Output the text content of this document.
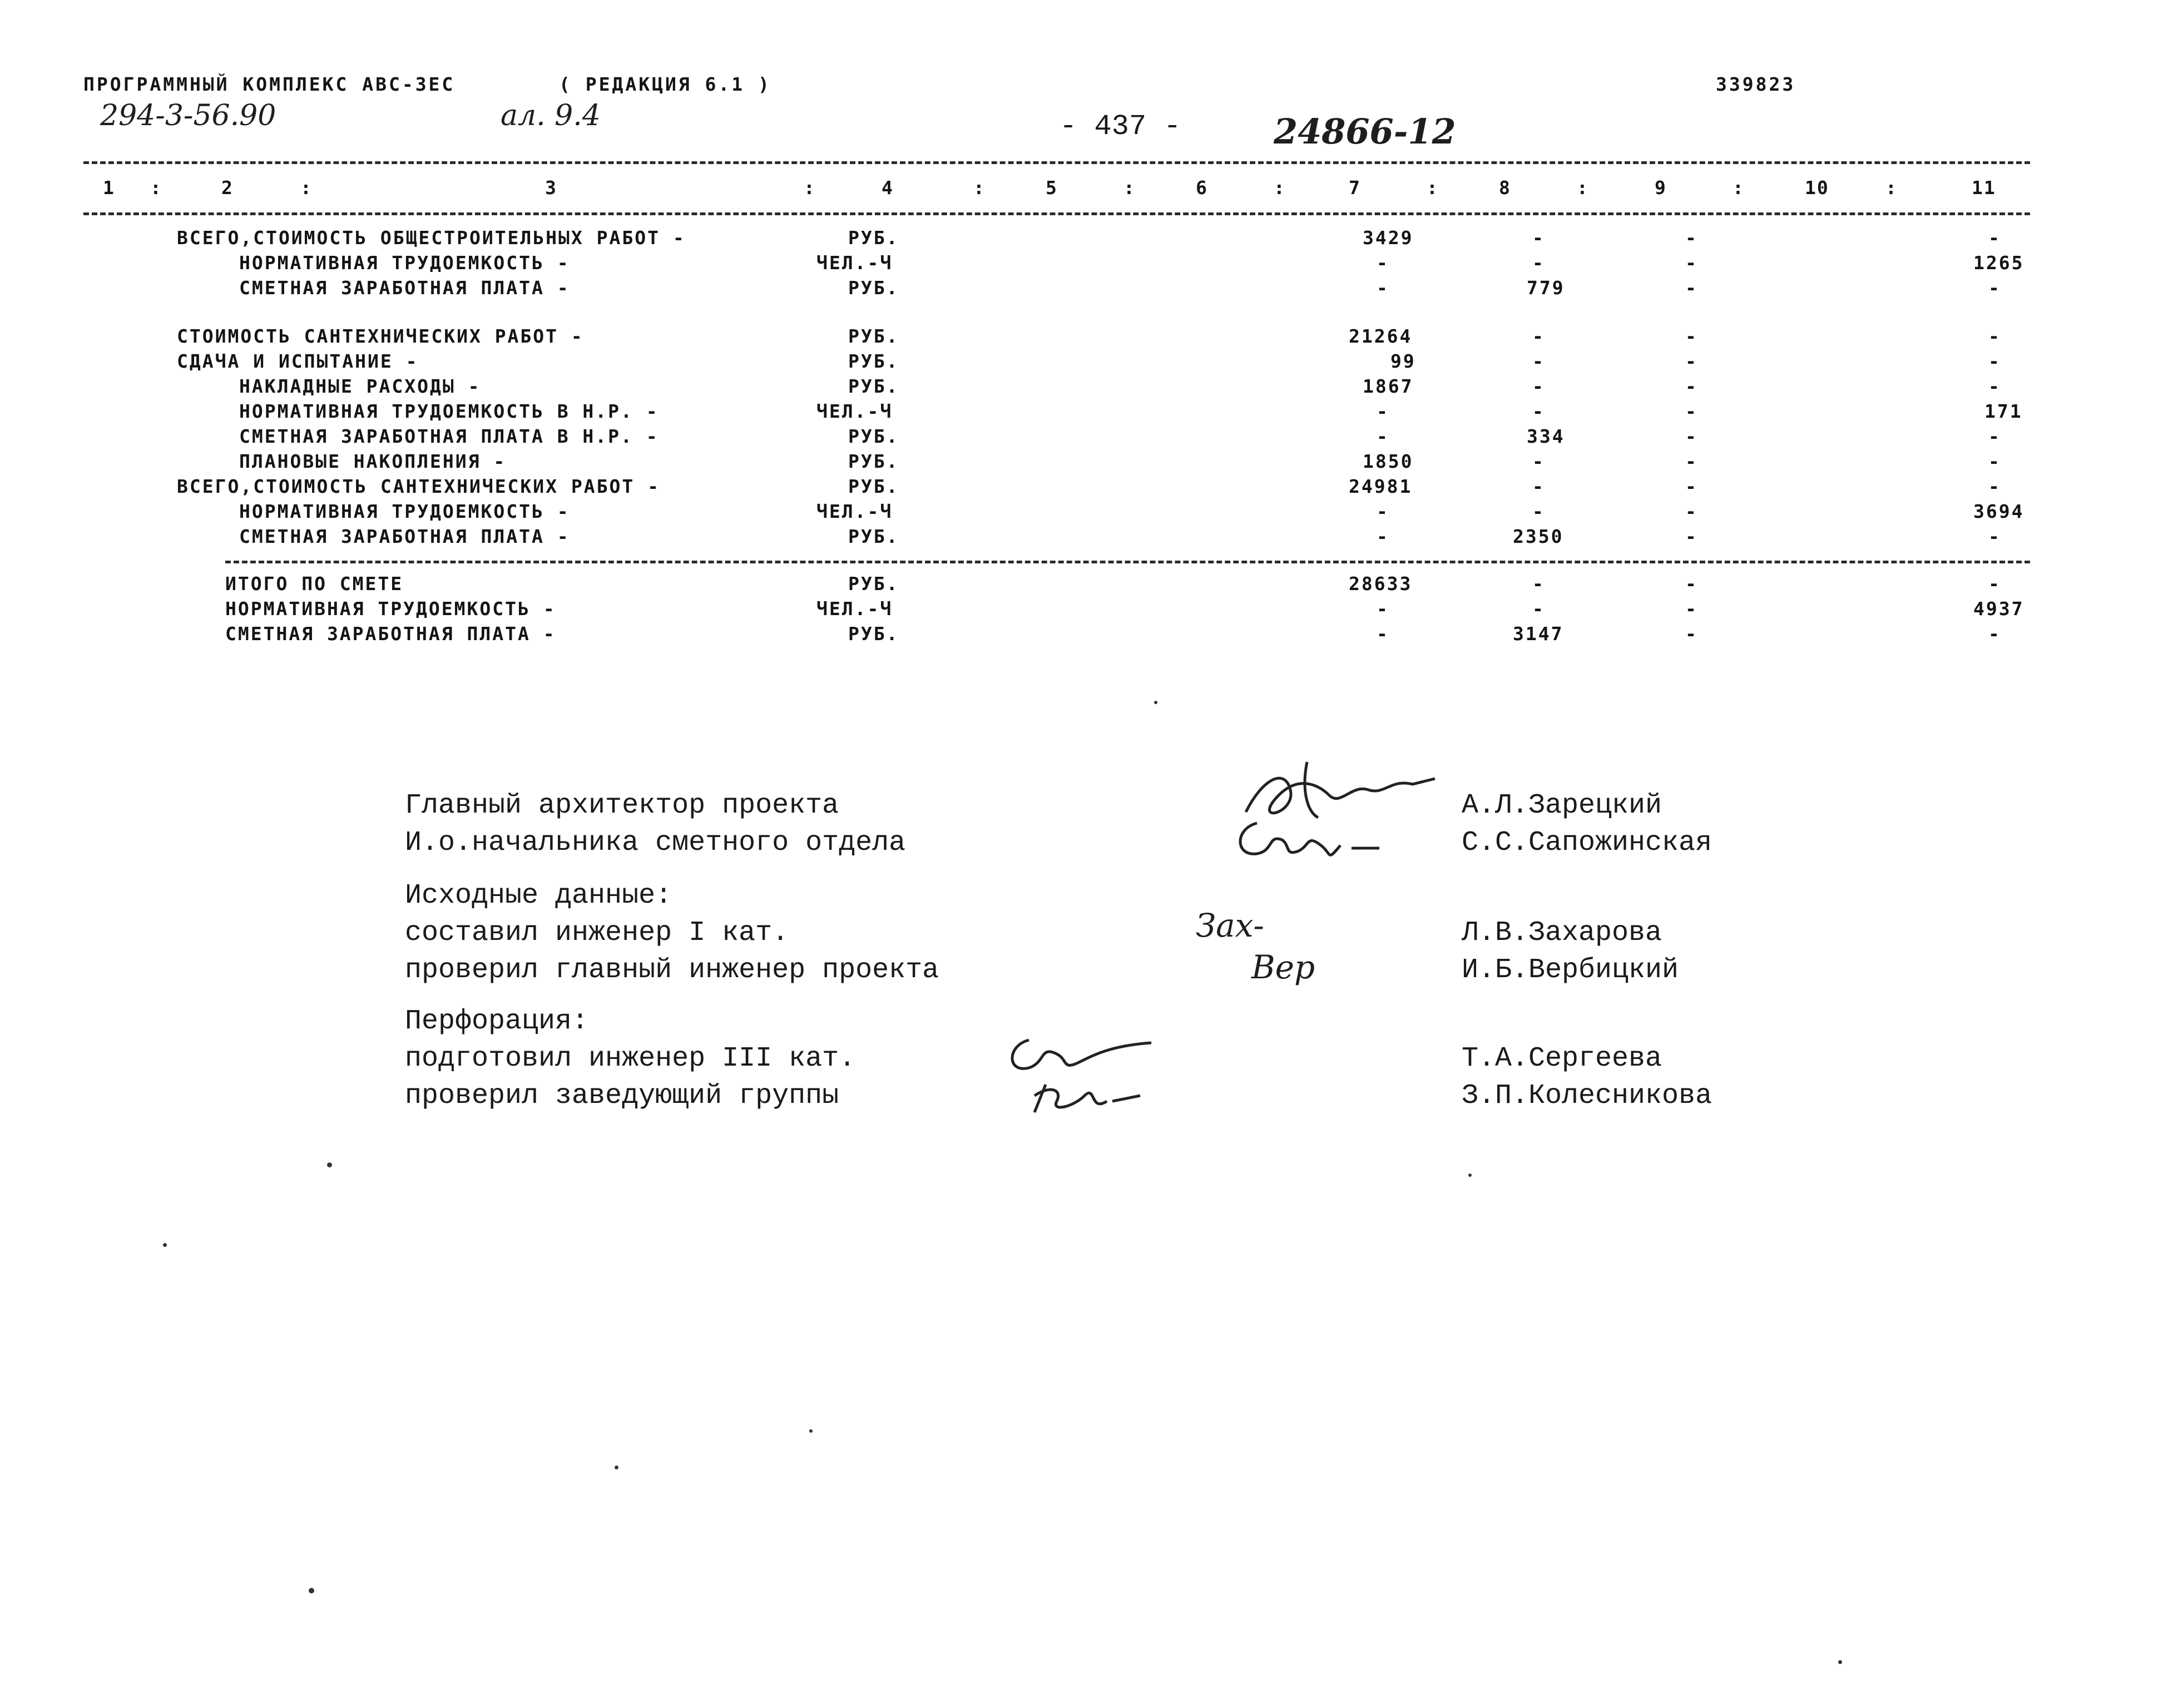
ПРОГРАММНЫЙ КОМПЛЕКС АВС-3ЕС	( РЕДАКЦИЯ 6.1 )
294-3-56.90	ал. 9.4	- 437 -	24866-12
339823
1 :	2	:	3	:	4	:	5	:	6	:	7	:	8	:	9	:	10	:	11
ВСЕГО,СТОИМОСТЬ ОБЩЕСТРОИТЕЛЬНЫХ РАБОТ -	РУБ.	3429	-	-	-
НОРМАТИВНАЯ ТРУДОЕМКОСТЬ -	ЧЕЛ.-Ч	-	-	-	1265
СМЕТНАЯ ЗАРАБОТНАЯ ПЛАТА -	РУБ.	-	779	-	-
СТОИМОСТЬ САНТЕХНИЧЕСКИХ РАБОТ -	РУБ.	21264	-	-	-
СДАЧА И ИСПЫТАНИЕ -	РУБ.	99	-	-	-
НАКЛАДНЫЕ РАСХОДЫ -	РУБ.	1867	-	-	-
НОРМАТИВНАЯ ТРУДОЕМКОСТЬ В Н.Р. -	ЧЕЛ.-Ч	-	-	-	171
СМЕТНАЯ ЗАРАБОТНАЯ ПЛАТА В Н.Р. -	РУБ.	-	334	-	-
ПЛАНОВЫЕ НАКОПЛЕНИЯ -	РУБ.	1850	-	-	-
ВСЕГО,СТОИМОСТЬ САНТЕХНИЧЕСКИХ РАБОТ -	РУБ.	24981	-	-	-
НОРМАТИВНАЯ ТРУДОЕМКОСТЬ -	ЧЕЛ.-Ч	-	-	-	3694
СМЕТНАЯ ЗАРАБОТНАЯ ПЛАТА -	РУБ.	-	2350	-	-
ИТОГО ПО СМЕТЕ	РУБ.	28633	-	-	-
НОРМАТИВНАЯ ТРУДОЕМКОСТЬ -	ЧЕЛ.-Ч	-	-	-	4937
СМЕТНАЯ ЗАРАБОТНАЯ ПЛАТА -	РУБ.	-	3147	-	-
Главный архитектор проекта
И.о.начальника сметного отдела
Исходные данные:
составил инженер I кат.
проверил главный инженер проекта
Перфорация:
подготовил инженер III кат.
проверил заведующий группы
А.Л.Зарецкий
С.С.Сапожинская
Л.В.Захарова
И.Б.Вербицкий
Т.А.Сергеева
З.П.Колесникова
Зах-
Вер
